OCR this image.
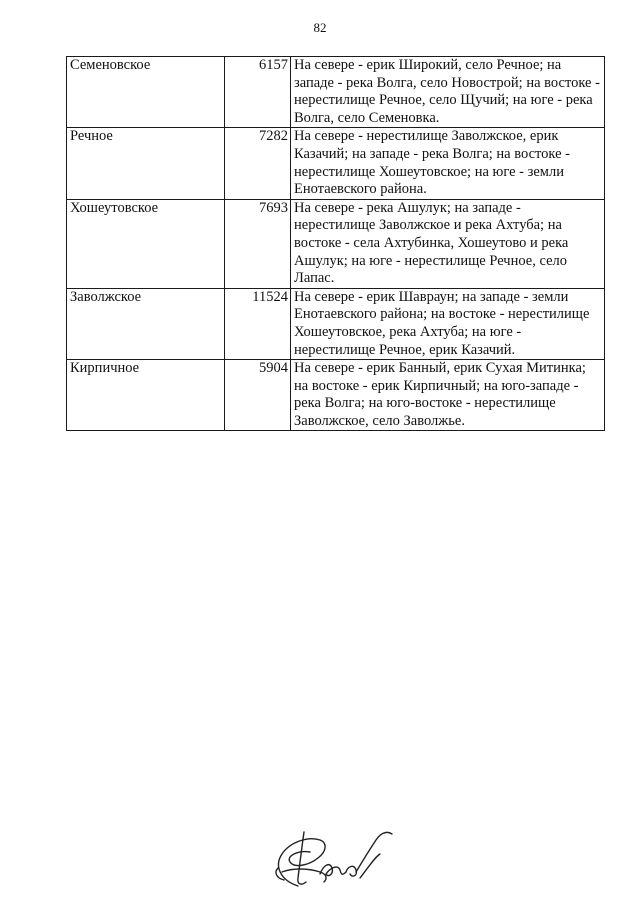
82
Семеновское	6157	На севере - ерик Широкий, село Речное; на западе - река Волга, село Новострой; на востоке - нерестилище Речное, село Щучий; на юге - река Волга, село Семеновка.
Речное	7282	На севере - нерестилище Заволжское, ерик Казачий; на западе - река Волга; на востоке - нерестилище Хошеутовское; на юге - земли Енотаевского района.
Хошеутовское	7693	На севере - река Ашулук; на западе - нерестилище Заволжское и река Ахтуба; на востоке - села Ахтубинка, Хошеутово и река Ашулук; на юге - нерестилище Речное, село Лапас.
Заволжское	11524	На севере - ерик Шавраун; на западе - земли Енотаевского района; на востоке - нерестилище Хошеутовское, река Ахтуба; на юге - нерестилище Речное, ерик Казачий.
Кирпичное	5904	На севере - ерик Банный, ерик Сухая Митинка; на востоке - ерик Кирпичный; на юго-западе - река Волга; на юго-востоке - нерестилище Заволжское, село Заволжье.
